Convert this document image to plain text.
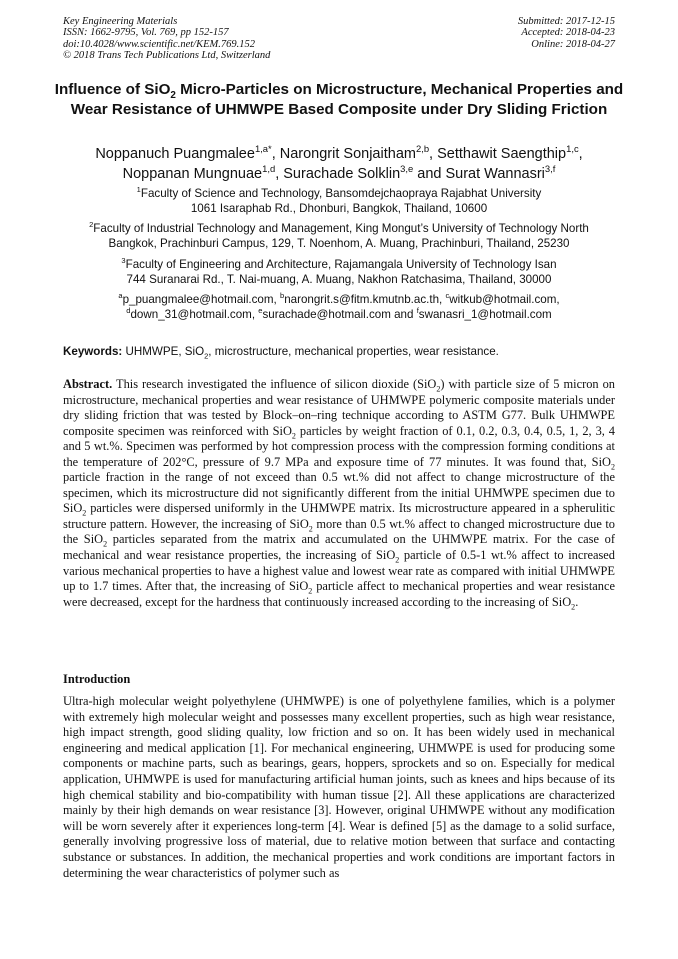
Key Engineering Materials
ISSN: 1662-9795, Vol. 769, pp 152-157
doi:10.4028/www.scientific.net/KEM.769.152
© 2018 Trans Tech Publications Ltd, Switzerland
Submitted: 2017-12-15
Accepted: 2018-04-23
Online: 2018-04-27
Influence of SiO$_2$ Micro-Particles on Microstructure, Mechanical Properties and Wear Resistance of UHMWPE Based Composite under Dry Sliding Friction
Noppanuch Puangmalee$^{1,a*}$, Narongrit Sonjaitham$^{2,b}$, Setthawit Saengthip$^{1,c}$,
Noppanan Mungnuae$^{1,d}$, Surachade Solklin$^{3,e}$ and Surat Wannasri$^{3,f}$
$^1$Faculty of Science and Technology, Bansomdejchaopraya Rajabhat University
1061 Isaraphab Rd., Dhonburi, Bangkok, Thailand, 10600
$^2$Faculty of Industrial Technology and Management, King Mongut’s University of Technology North
Bangkok, Prachinburi Campus, 129, T. Noenhom, A. Muang, Prachinburi, Thailand, 25230
$^3$Faculty of Engineering and Architecture, Rajamangala University of Technology Isan
744 Suranarai Rd., T. Nai-muang, A. Muang, Nakhon Ratchasima, Thailand, 30000
$^a$p_puangmalee@hotmail.com, $^b$narongrit.s@fitm.kmutnb.ac.th, $^c$witkub@hotmail.com,
$^d$down_31@hotmail.com, $^e$surachade@hotmail.com and $^f$swanasri_1@hotmail.com
Keywords: UHMWPE, SiO$_2$, microstructure, mechanical properties, wear resistance.
Abstract. This research investigated the influence of silicon dioxide (SiO$_2$) with particle size of 5 micron on microstructure, mechanical properties and wear resistance of UHMWPE polymeric composite materials under dry sliding friction that was tested by Block–on–ring technique according to ASTM G77. Bulk UHMWPE composite specimen was reinforced with SiO$_2$ particles by weight fraction of 0.1, 0.2, 0.3, 0.4, 0.5, 1, 2, 3, 4 and 5 wt.%. Specimen was performed by hot compression process with the compression forming conditions at the temperature of 202°C, pressure of 9.7 MPa and exposure time of 77 minutes. It was found that, SiO$_2$ particle fraction in the range of not exceed than 0.5 wt.% did not affect to change microstructure of the specimen, which its microstructure did not significantly different from the initial UHMWPE specimen due to SiO$_2$ particles were dispersed uniformly in the UHMWPE matrix. Its microstructure appeared in a spherulitic structure pattern. However, the increasing of SiO$_2$ more than 0.5 wt.% affect to changed microstructure due to the SiO$_2$ particles separated from the matrix and accumulated on the UHMWPE matrix. For the case of mechanical and wear resistance properties, the increasing of SiO$_2$ particle of 0.5-1 wt.% affect to increased various mechanical properties to have a highest value and lowest wear rate as compared with initial UHMWPE up to 1.7 times. After that, the increasing of SiO$_2$ particle affect to mechanical properties and wear resistance were decreased, except for the hardness that continuously increased according to the increasing of SiO$_2$.
Introduction
Ultra-high molecular weight polyethylene (UHMWPE) is one of polyethylene families, which is a polymer with extremely high molecular weight and possesses many excellent properties, such as high wear resistance, high impact strength, good sliding quality, low friction and so on. It has been widely used in mechanical engineering and medical application [1]. For mechanical engineering, UHMWPE is used for producing some components or machine parts, such as bearings, gears, hoppers, sprockets and so on. Especially for medical application, UHMWPE is used for manufacturing artificial human joints, such as knees and hips because of its high chemical stability and bio-compatibility with human tissue [2]. All these applications are characterized mainly by their high demands on wear resistance [3]. However, original UHMWPE without any modification will be worn severely after it experiences long-term [4]. Wear is defined [5] as the damage to a solid surface, generally involving progressive loss of material, due to relative motion between that surface and contacting substance or substances. In addition, the mechanical properties and work conditions are important factors in determining the wear characteristics of polymer such as
